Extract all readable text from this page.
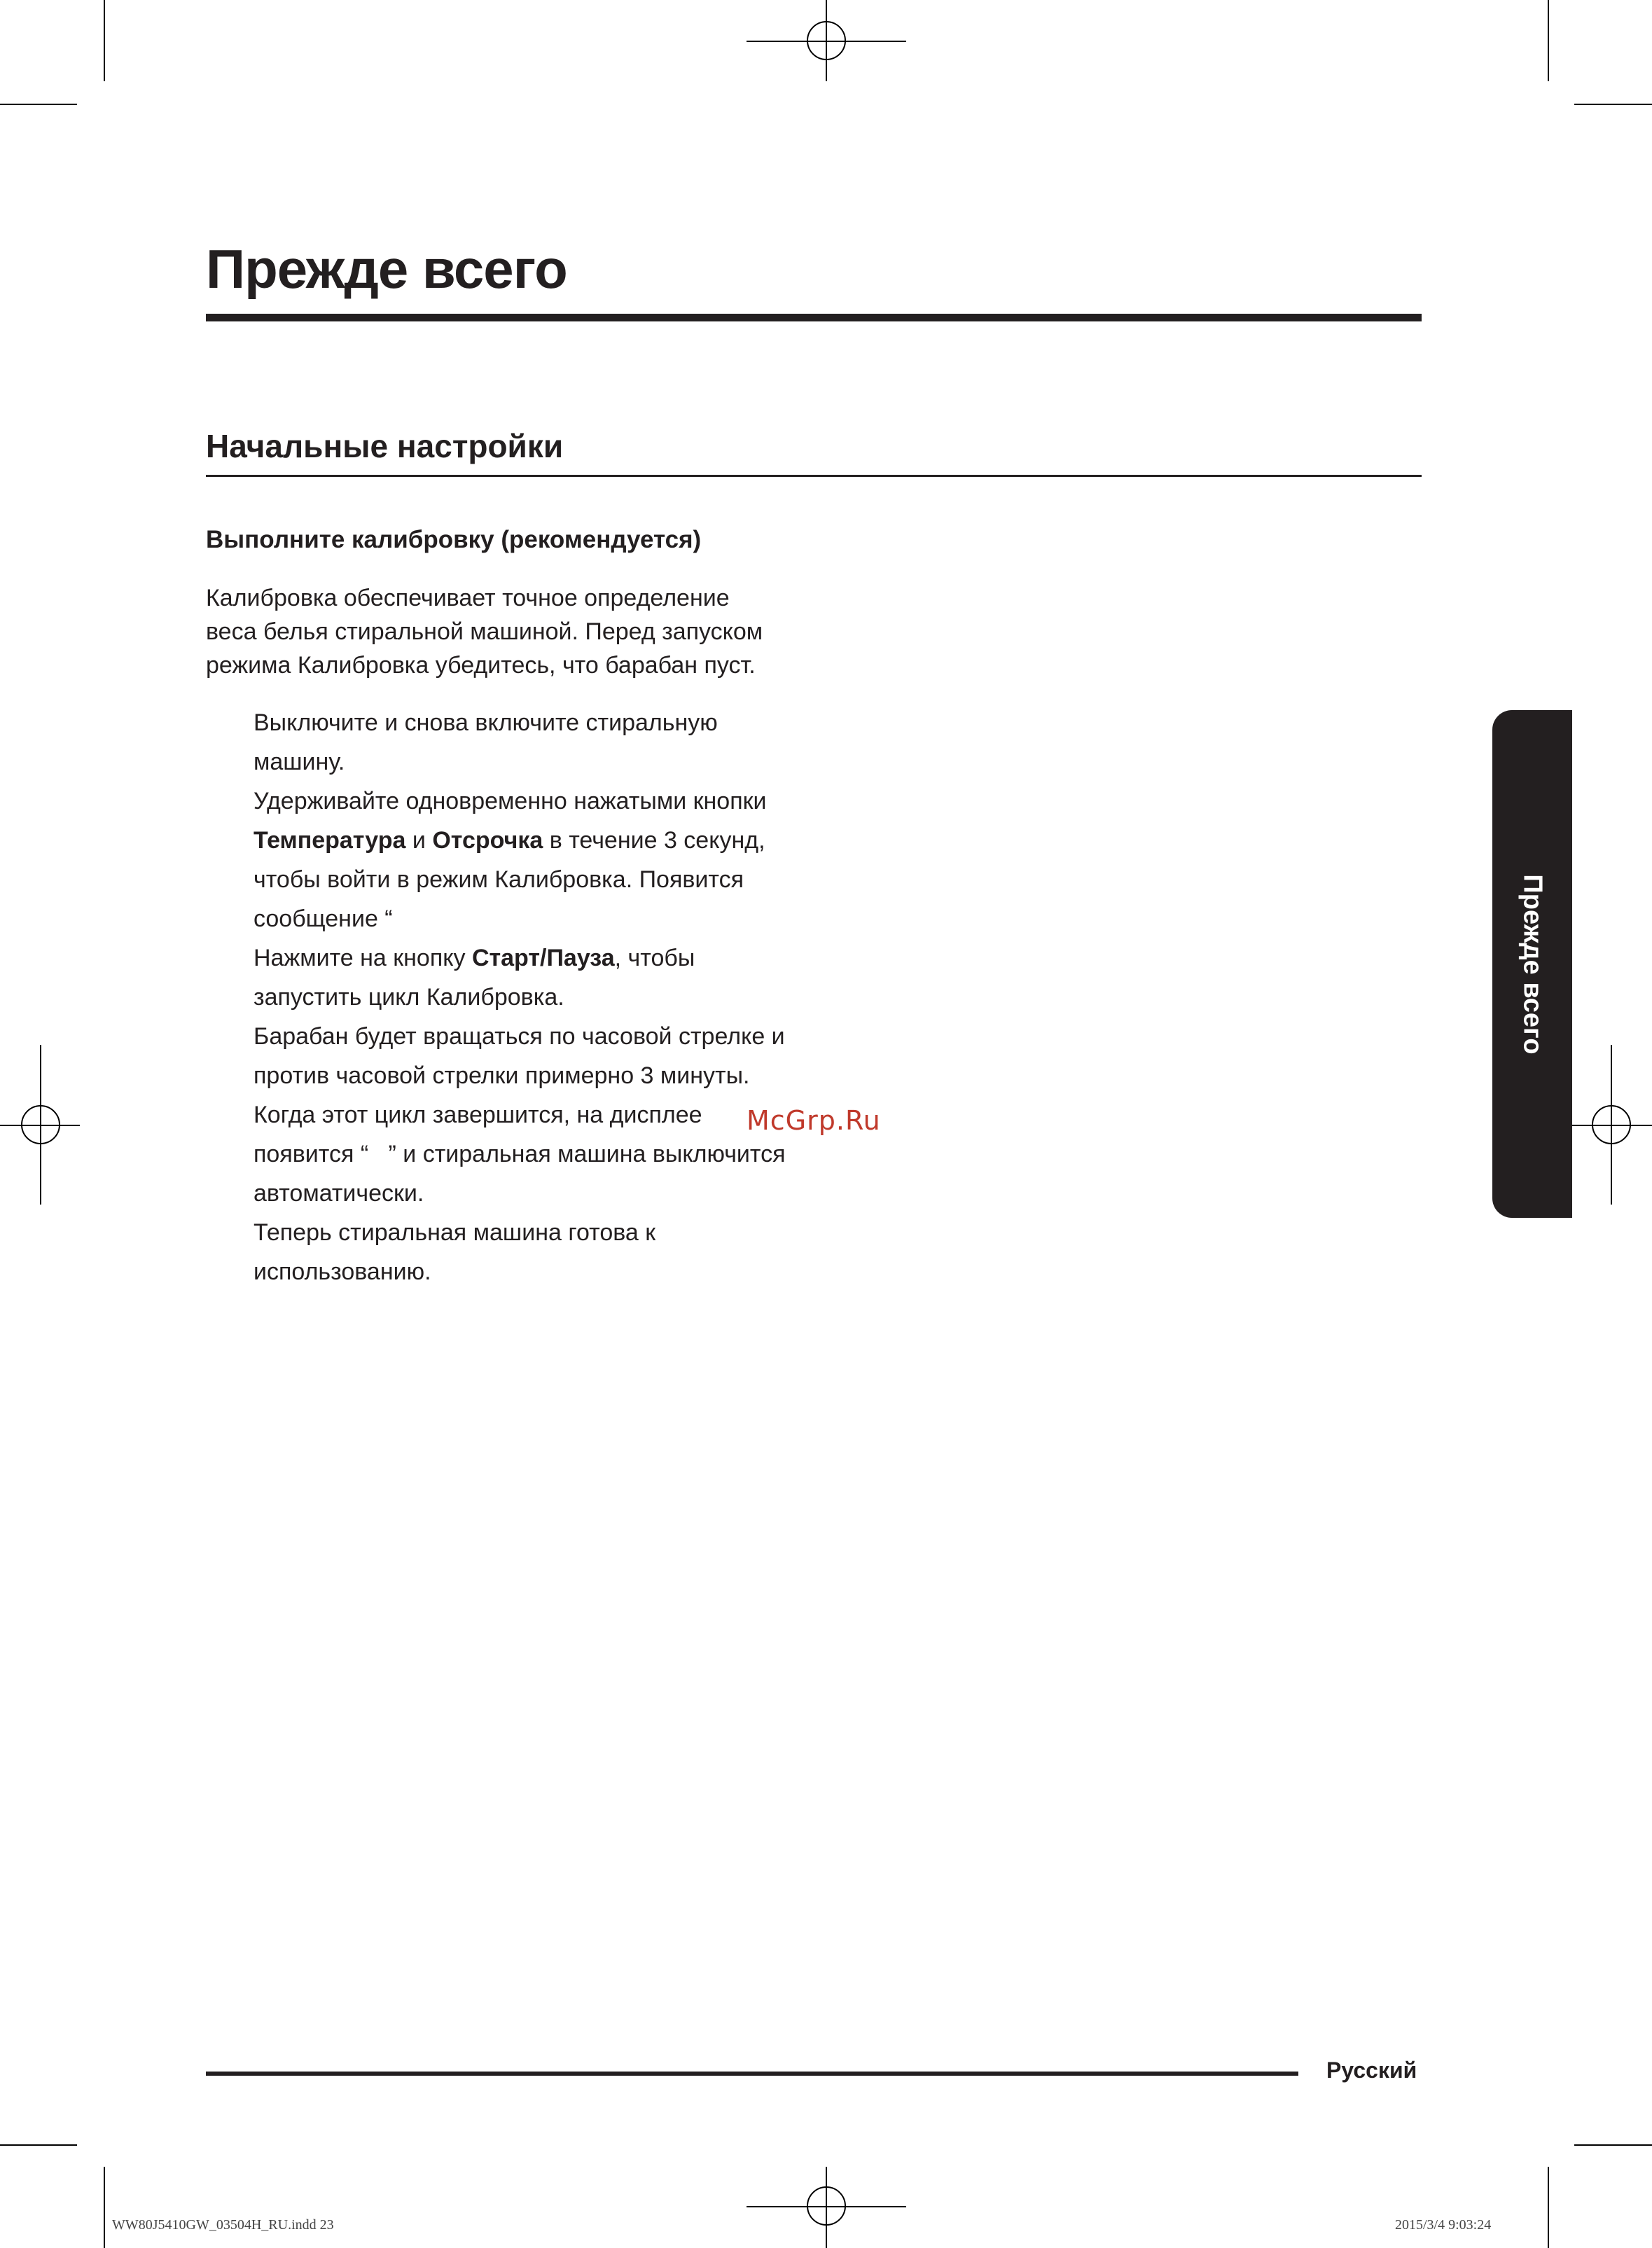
Прежде всего
Начальные настройки
Выполните калибровку (рекомендуется)

Калибровка обеспечивает точное определение
веса белья стиральной машиной. Перед запуском
режима Калибровка убедитесь, что барабан пуст.

Выключите и снова включите стиральную
машину.
Удерживайте одновременно нажатыми кнопки
Температура и Отсрочка в течение 3 секунд,
чтобы войти в режим Калибровка. Появится
сообщение “
Нажмите на кнопку Старт/Пауза, чтобы
запустить цикл Калибровка.
Барабан будет вращаться по часовой стрелке и
против часовой стрелки примерно 3 минуты.
Когда этот цикл завершится, на дисплее
появится “   ” и стиральная машина выключится
автоматически.
Теперь стиральная машина готова к
использованию.
Прежде всего
McGrp.Ru
Русский
WW80J5410GW_03504H_RU.indd 23	2015/3/4 9:03:24
